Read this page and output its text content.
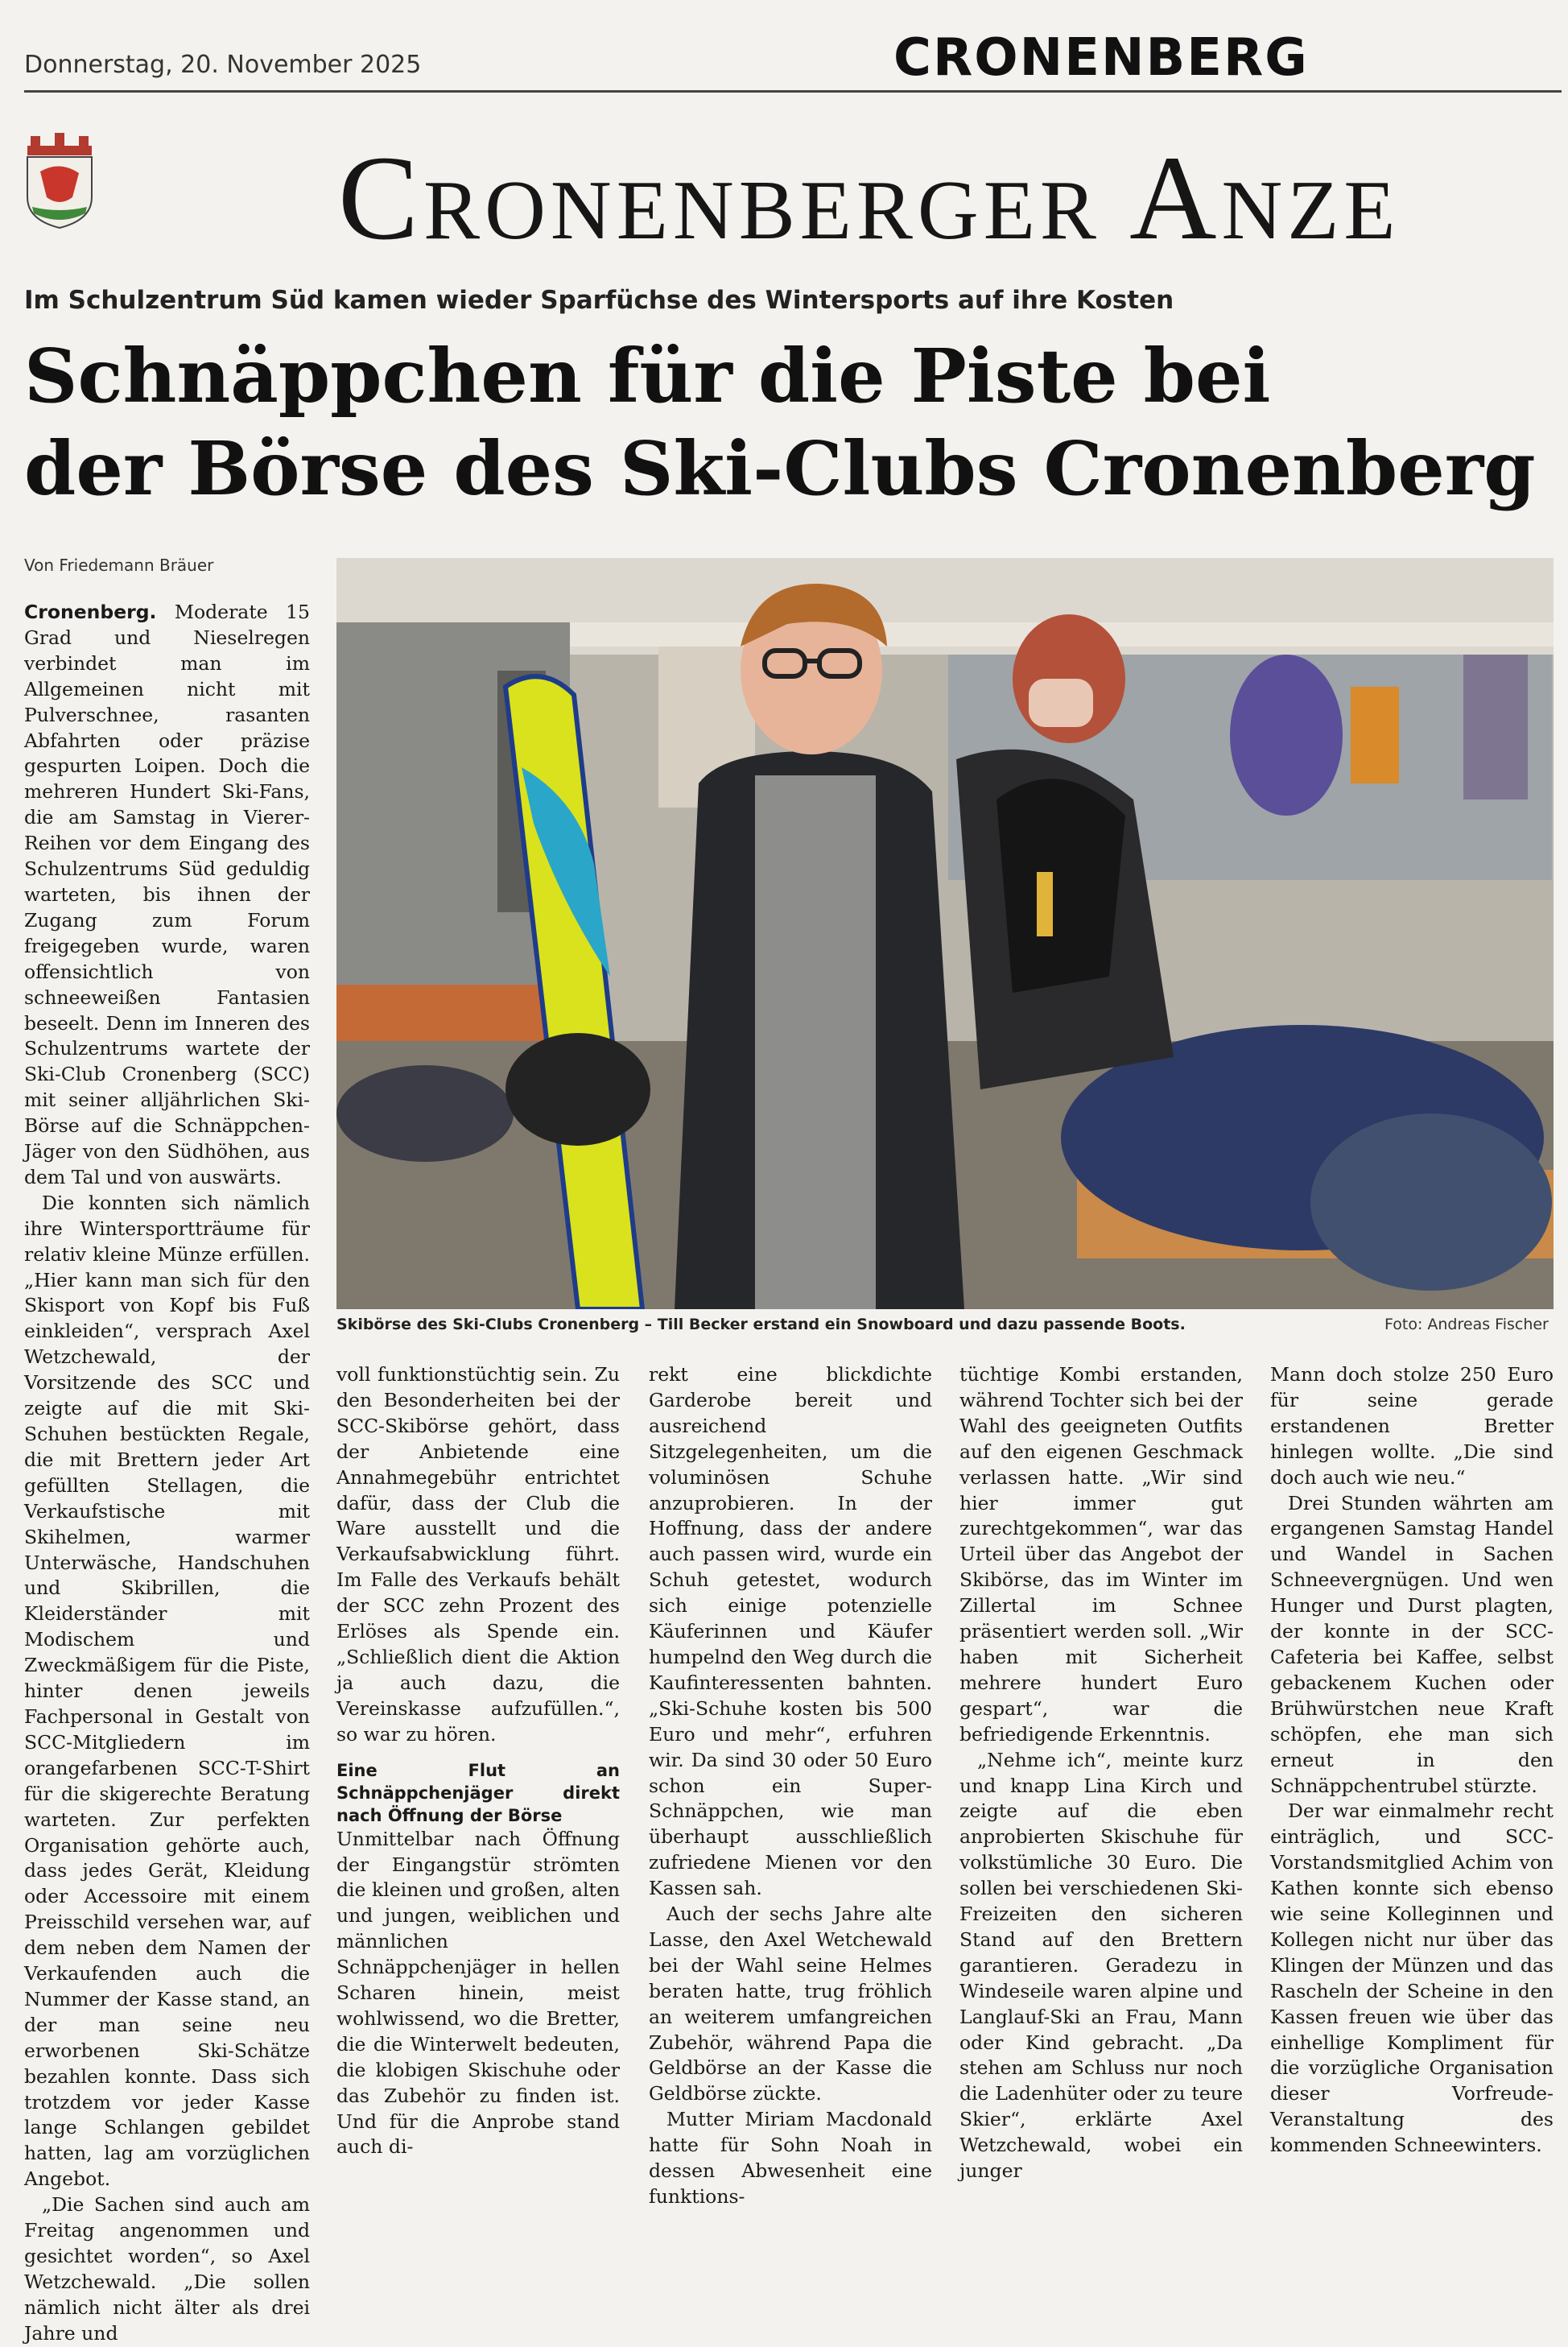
Donnerstag, 20. November 2025	CRONENBERG
Cronenberger Anze
Im Schulzentrum Süd kamen wieder Sparfüchse des Wintersports auf ihre Kosten
Schnäppchen für die Piste bei
der Börse des Ski-Clubs Cronenberg
Von Friedemann Bräuer
Skibörse des Ski-Clubs Cronenberg – Till Becker erstand ein Snowboard und dazu passende Boots.	Foto: Andreas Fischer

Cronenberg. Moderate 15 Grad und Nieselregen verbindet man im Allgemeinen nicht mit Pulverschnee, rasanten Abfahrten oder präzise gespurten Loipen. Doch die mehreren Hundert Ski-Fans, die am Samstag in Vierer-Reihen vor dem Eingang des Schulzentrums Süd geduldig warteten, bis ihnen der Zugang zum Forum freigegeben wurde, waren offensichtlich von schneeweißen Fantasien beseelt. Denn im Inneren des Schulzentrums wartete der Ski-Club Cronenberg (SCC) mit seiner alljährlichen Ski-Börse auf die Schnäppchen-Jäger von den Südhöhen, aus dem Tal und von auswärts.

Die konnten sich nämlich ihre Wintersportträume für relativ kleine Münze erfüllen. „Hier kann man sich für den Skisport von Kopf bis Fuß einkleiden“, versprach Axel Wetzchewald, der Vorsitzende des SCC und zeigte auf die mit Ski-Schuhen bestückten Regale, die mit Brettern jeder Art gefüllten Stellagen, die Verkaufstische mit Skihelmen, warmer Unterwäsche, Handschuhen und Skibrillen, die Kleiderständer mit Modischem und Zweckmäßigem für die Piste, hinter denen jeweils Fachpersonal in Gestalt von SCC-Mitgliedern im orangefarbenen SCC-T-Shirt für die skigerechte Beratung warteten. Zur perfekten Organisation gehörte auch, dass jedes Gerät, Kleidung oder Accessoire mit einem Preisschild versehen war, auf dem neben dem Namen der Verkaufenden auch die Nummer der Kasse stand, an der man seine neu erworbenen Ski-Schätze bezahlen konnte. Dass sich trotzdem vor jeder Kasse lange Schlangen gebildet hatten, lag am vorzüglichen Angebot.

„Die Sachen sind auch am Freitag angenommen und gesichtet worden“, so Axel Wetzchewald. „Die sollen nämlich nicht älter als drei Jahre und

voll funktionstüchtig sein. Zu den Besonderheiten bei der SCC-Skibörse gehört, dass der Anbietende eine Annahmegebühr entrichtet dafür, dass der Club die Ware ausstellt und die Verkaufsabwicklung führt. Im Falle des Verkaufs behält der SCC zehn Prozent des Erlöses als Spende ein. „Schließlich dient die Aktion ja auch dazu, die Vereinskasse aufzufüllen.“, so war zu hören.

Eine Flut an Schnäppchenjäger direkt nach Öffnung der Börse

Unmittelbar nach Öffnung der Eingangstür strömten die kleinen und großen, alten und jungen, weiblichen und männlichen Schnäppchenjäger in hellen Scharen hinein, meist wohlwissend, wo die Bretter, die die Winterwelt bedeuten, die klobigen Skischuhe oder das Zubehör zu finden ist. Und für die Anprobe stand auch di-

rekt eine blickdichte Garderobe bereit und ausreichend Sitzgelegenheiten, um die voluminösen Schuhe anzuprobieren. In der Hoffnung, dass der andere auch passen wird, wurde ein Schuh getestet, wodurch sich einige potenzielle Käuferinnen und Käufer humpelnd den Weg durch die Kaufinteressenten bahnten. „Ski-Schuhe kosten bis 500 Euro und mehr“, erfuhren wir. Da sind 30 oder 50 Euro schon ein Super-Schnäppchen, wie man überhaupt ausschließlich zufriedene Mienen vor den Kassen sah.

Auch der sechs Jahre alte Lasse, den Axel Wetchewald bei der Wahl seine Helmes beraten hatte, trug fröhlich an weiterem umfangreichen Zubehör, während Papa die Geldbörse an der Kasse die Geldbörse zückte.

Mutter Miriam Macdonald hatte für Sohn Noah in dessen Abwesenheit eine funktions-

tüchtige Kombi erstanden, während Tochter sich bei der Wahl des geeigneten Outfits auf den eigenen Geschmack verlassen hatte. „Wir sind hier immer gut zurechtgekommen“, war das Urteil über das Angebot der Skibörse, das im Winter im Zillertal im Schnee präsentiert werden soll. „Wir haben mit Sicherheit mehrere hundert Euro gespart“, war die befriedigende Erkenntnis.

„Nehme ich“, meinte kurz und knapp Lina Kirch und zeigte auf die eben anprobierten Skischuhe für volkstümliche 30 Euro. Die sollen bei verschiedenen Ski-Freizeiten den sicheren Stand auf den Brettern garantieren. Geradezu in Windeseile waren alpine und Langlauf-Ski an Frau, Mann oder Kind gebracht. „Da stehen am Schluss nur noch die Ladenhüter oder zu teure Skier“, erklärte Axel Wetzchewald, wobei ein junger

Mann doch stolze 250 Euro für seine gerade erstandenen Bretter hinlegen wollte. „Die sind doch auch wie neu.“

Drei Stunden währten am ergangenen Samstag Handel und Wandel in Sachen Schneevergnügen. Und wen Hunger und Durst plagten, der konnte in der SCC-Cafeteria bei Kaffee, selbst gebackenem Kuchen oder Brühwürstchen neue Kraft schöpfen, ehe man sich erneut in den Schnäppchentrubel stürzte.

Der war einmalmehr recht einträglich, und SCC-Vorstandsmitglied Achim von Kathen konnte sich ebenso wie seine Kolleginnen und Kollegen nicht nur über das Klingen der Münzen und das Rascheln der Scheine in den Kassen freuen wie über das einhellige Kompliment für die vorzügliche Organisation dieser Vorfreude-Veranstaltung des kommenden Schneewinters.
